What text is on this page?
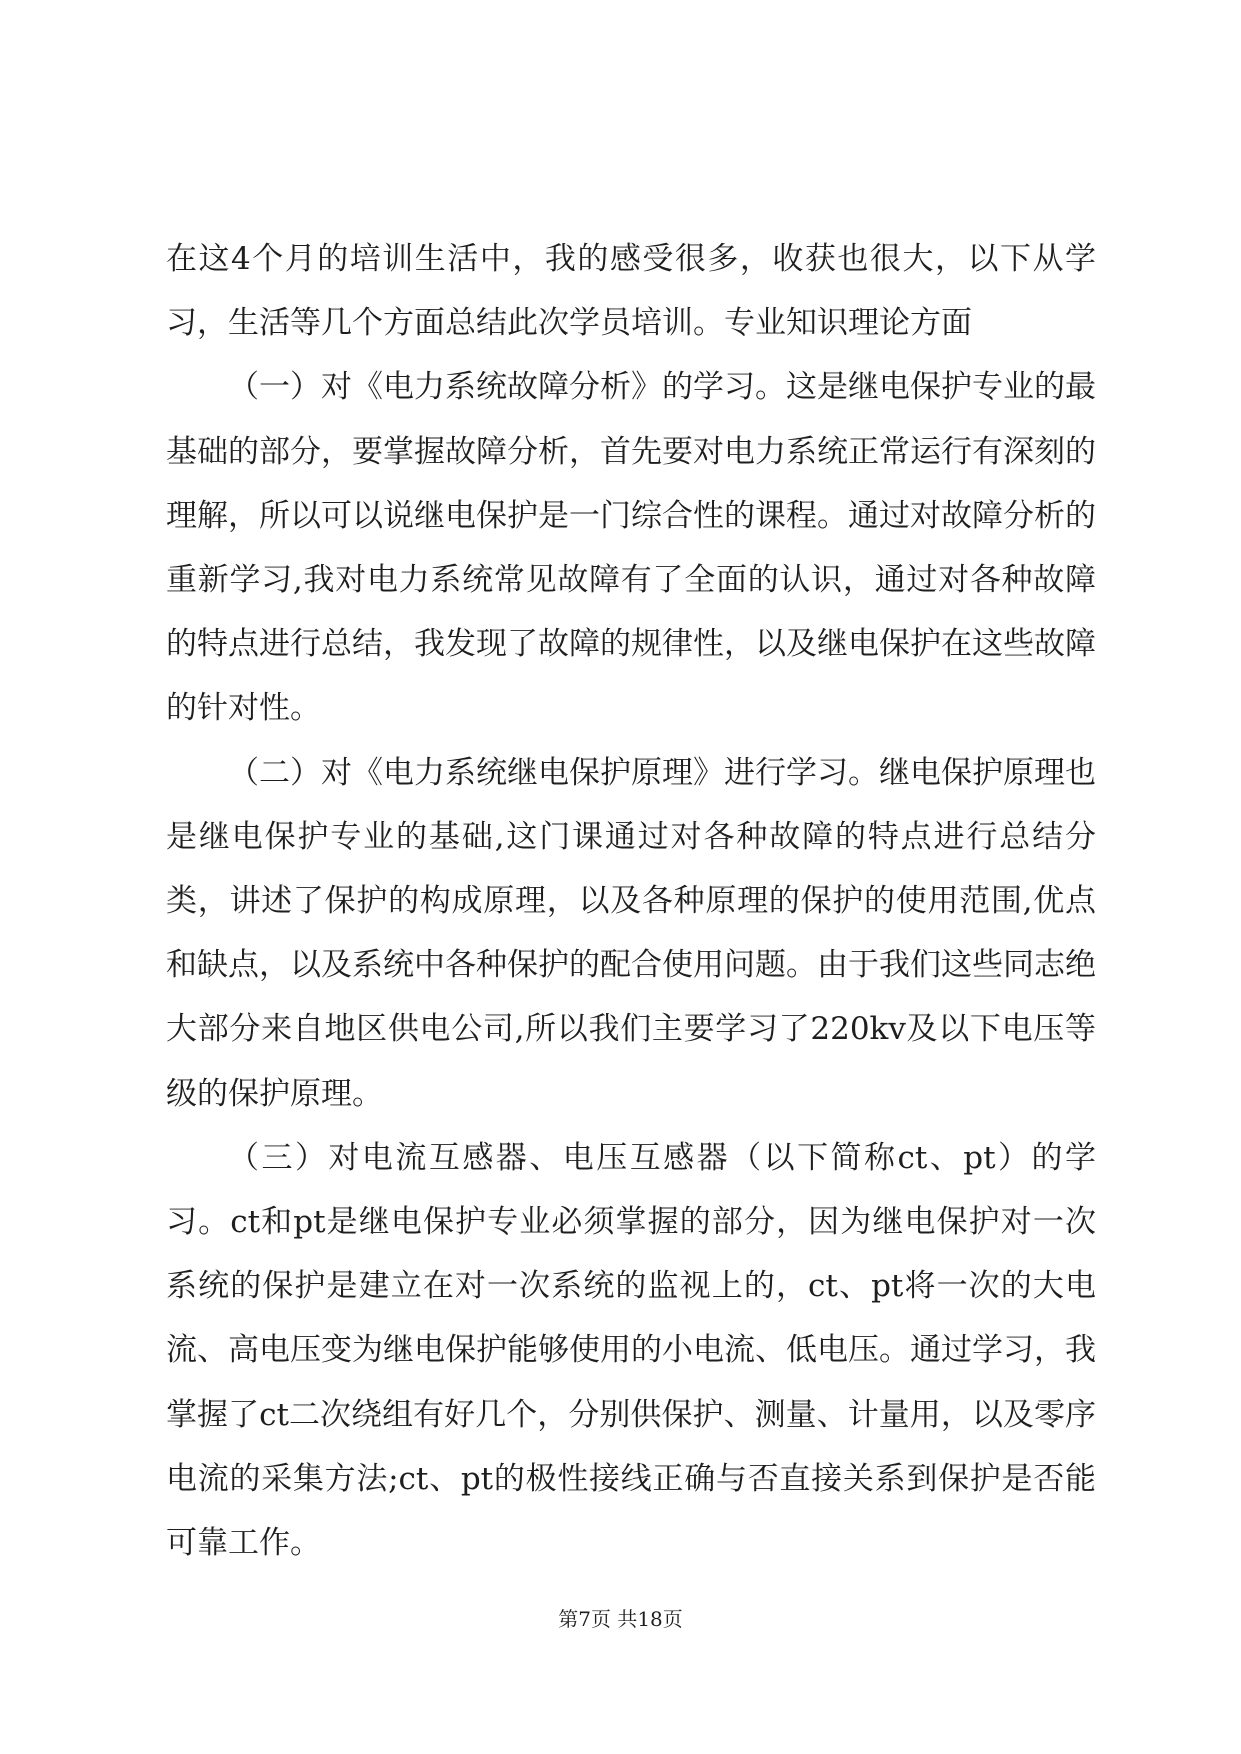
在这4个月的培训生活中，我的感受很多，收获也很大，以下从学习，生活等几个方面总结此次学员培训。专业知识理论方面

（一）对《电力系统故障分析》的学习。这是继电保护专业的最基础的部分，要掌握故障分析，首先要对电力系统正常运行有深刻的理解，所以可以说继电保护是一门综合性的课程。通过对故障分析的重新学习,我对电力系统常见故障有了全面的认识，通过对各种故障的特点进行总结，我发现了故障的规律性，以及继电保护在这些故障的针对性。

（二）对《电力系统继电保护原理》进行学习。继电保护原理也是继电保护专业的基础,这门课通过对各种故障的特点进行总结分类，讲述了保护的构成原理，以及各种原理的保护的使用范围,优点和缺点，以及系统中各种保护的配合使用问题。由于我们这些同志绝大部分来自地区供电公司,所以我们主要学习了220kv及以下电压等级的保护原理。

（三）对电流互感器、电压互感器（以下简称ct、pt）的学习。ct和pt是继电保护专业必须掌握的部分，因为继电保护对一次系统的保护是建立在对一次系统的监视上的，ct、pt将一次的大电流、高电压变为继电保护能够使用的小电流、低电压。通过学习，我掌握了ct二次绕组有好几个，分别供保护、测量、计量用，以及零序电流的采集方法;ct、pt的极性接线正确与否直接关系到保护是否能可靠工作。

第7页 共18页
